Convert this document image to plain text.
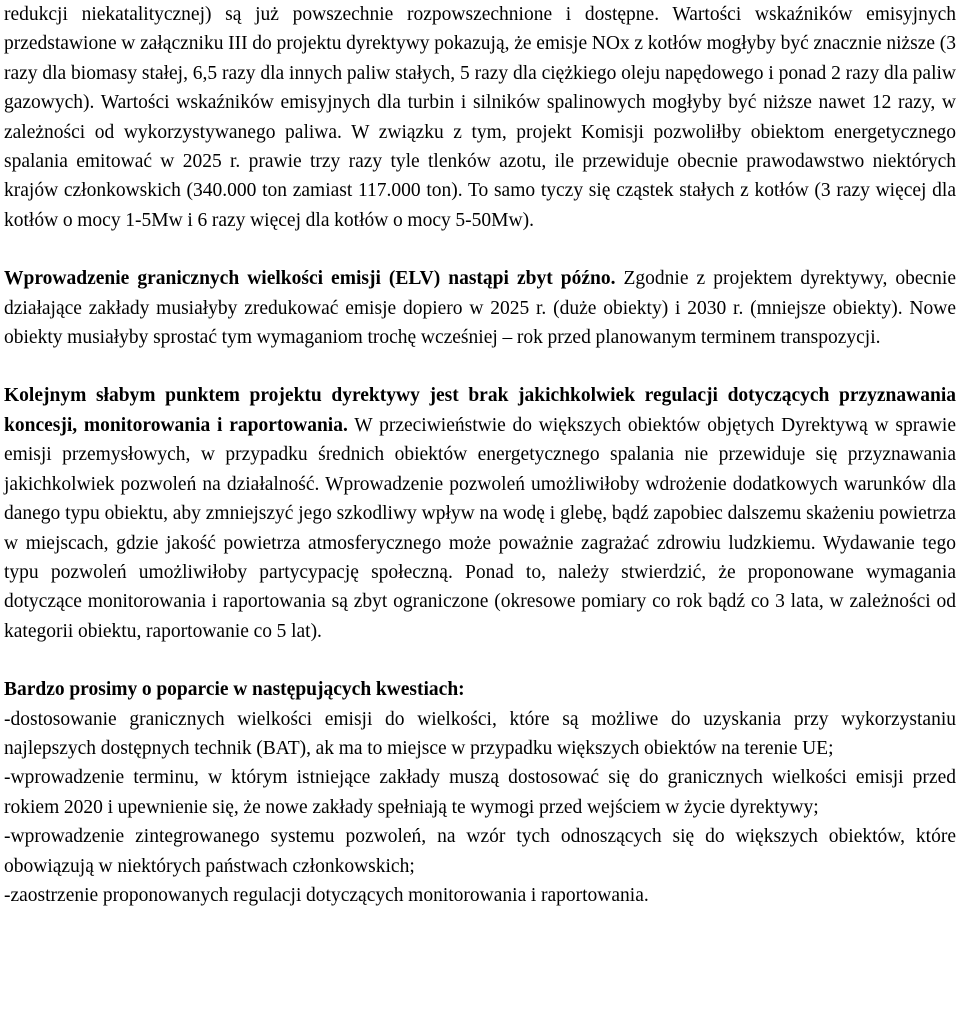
redukcji niekatalitycznej) są już powszechnie rozpowszechnione i dostępne. Wartości wskaźników emisyjnych przedstawione w załączniku III do projektu dyrektywy pokazują, że emisje NOx z kotłów mogłyby być znacznie niższe (3 razy dla biomasy stałej, 6,5 razy dla innych paliw stałych, 5 razy dla ciężkiego oleju napędowego i ponad 2 razy dla paliw gazowych). Wartości wskaźników emisyjnych dla turbin i silników spalinowych mogłyby być niższe nawet 12 razy, w zależności od wykorzystywanego paliwa. W związku z tym, projekt Komisji pozwoliłby obiektom energetycznego spalania emitować w 2025 r. prawie trzy razy tyle tlenków azotu, ile przewiduje obecnie prawodawstwo niektórych krajów członkowskich (340.000 ton zamiast 117.000 ton). To samo tyczy się cząstek stałych z kotłów (3 razy więcej dla kotłów o mocy 1-5Mw i 6 razy więcej dla kotłów o mocy 5-50Mw).

Wprowadzenie granicznych wielkości emisji (ELV) nastąpi zbyt późno. Zgodnie z projektem dyrektywy, obecnie działające zakłady musiałyby zredukować emisje dopiero w 2025 r. (duże obiekty) i 2030 r. (mniejsze obiekty). Nowe obiekty musiałyby sprostać tym wymaganiom trochę wcześniej – rok przed planowanym terminem transpozycji.

Kolejnym słabym punktem projektu dyrektywy jest brak jakichkolwiek regulacji dotyczących przyznawania koncesji, monitorowania i raportowania. W przeciwieństwie do większych obiektów objętych Dyrektywą w sprawie emisji przemysłowych, w przypadku średnich obiektów energetycznego spalania nie przewiduje się przyznawania jakichkolwiek pozwoleń na działalność. Wprowadzenie pozwoleń umożliwiłoby wdrożenie dodatkowych warunków dla danego typu obiektu, aby zmniejszyć jego szkodliwy wpływ na wodę i glebę, bądź zapobiec dalszemu skażeniu powietrza w miejscach, gdzie jakość powietrza atmosferycznego może poważnie zagrażać zdrowiu ludzkiemu. Wydawanie tego typu pozwoleń umożliwiłoby partycypację społeczną. Ponad to, należy stwierdzić, że proponowane wymagania dotyczące monitorowania i raportowania są zbyt ograniczone (okresowe pomiary co rok bądź co 3 lata, w zależności od kategorii obiektu, raportowanie co 5 lat).

Bardzo prosimy o poparcie w następujących kwestiach:

-dostosowanie granicznych wielkości emisji do wielkości, które są możliwe do uzyskania przy wykorzystaniu najlepszych dostępnych technik (BAT), ak ma to miejsce w przypadku większych obiektów na terenie UE;

-wprowadzenie terminu, w którym istniejące zakłady muszą dostosować się do granicznych wielkości emisji przed rokiem 2020 i upewnienie się, że nowe zakłady spełniają te wymogi przed wejściem w życie dyrektywy;

-wprowadzenie zintegrowanego systemu pozwoleń, na wzór tych odnoszących się do większych obiektów, które obowiązują w niektórych państwach członkowskich;

-zaostrzenie proponowanych regulacji dotyczących monitorowania i raportowania.
